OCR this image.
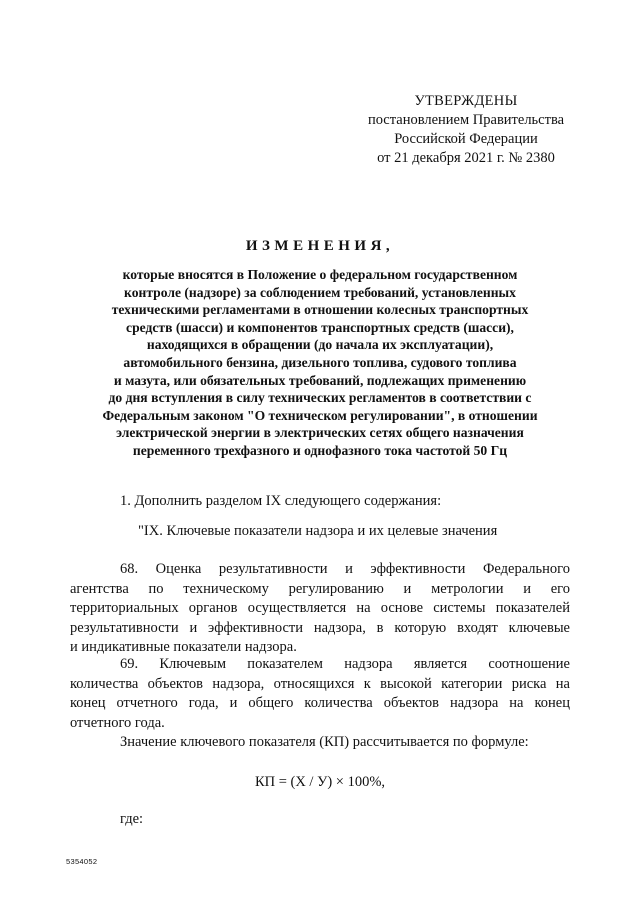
УТВЕРЖДЕНЫ
постановлением Правительства
Российской Федерации
от 21 декабря 2021 г. № 2380
ИЗМЕНЕНИЯ,
которые вносятся в Положение о федеральном государственном
контроле (надзоре) за соблюдением требований, установленных
техническими регламентами в отношении колесных транспортных
средств (шасси) и компонентов транспортных средств (шасси),
находящихся в обращении (до начала их эксплуатации),
автомобильного бензина, дизельного топлива, судового топлива
и мазута, или обязательных требований, подлежащих применению
до дня вступления в силу технических регламентов в соответствии с
Федеральным законом "О техническом регулировании", в отношении
электрической энергии в электрических сетях общего назначения
переменного трехфазного и однофазного тока частотой 50 Гц
1. Дополнить разделом IX следующего содержания:
"IX. Ключевые показатели надзора и их целевые значения
68. Оценка результативности и эффективности Федерального
агентства по техническому регулированию и метрологии и его
территориальных органов осуществляется на основе системы показателей
результативности и эффективности надзора, в которую входят ключевые
и индикативные показатели надзора.
69. Ключевым показателем надзора является соотношение
количества объектов надзора, относящихся к высокой категории риска на
конец отчетного года, и общего количества объектов надзора на конец
отчетного года.
Значение ключевого показателя (КП) рассчитывается по формуле:
КП = (Х / У) × 100%,
где:
5354052
